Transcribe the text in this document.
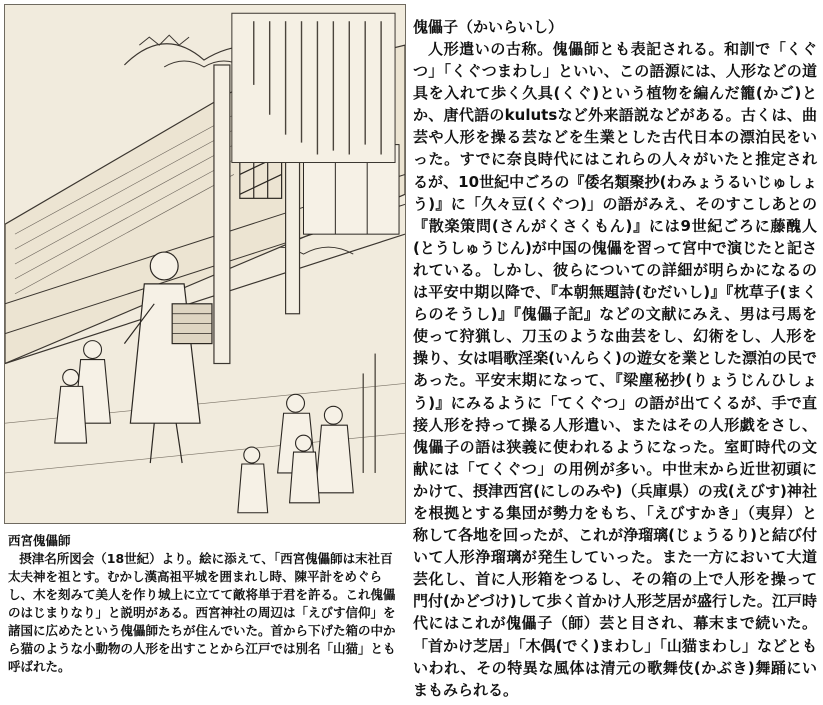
西宮傀儡師

摂津名所図会（18世紀）より。絵に添えて、「西宮傀儡師は末社百太夫神を祖とす。むかし漢高祖平城を囲まれし時、陳平計をめぐらし、木を刻みて美人を作り城上に立てて敵将単于君を許る。これ傀儡のはじまりなり」と説明がある。西宮神社の周辺は「えびす信仰」を諸国に広めたという傀儡師たちが住んでいた。首から下げた箱の中から猫のような小動物の人形を出すことから江戸では別名「山猫」とも呼ばれた。

傀儡子（かいらいし）

人形遣いの古称。傀儡師とも表記される。和訓で「くぐつ」「くぐつまわし」といい、この語源には、人形などの道具を入れて歩く久具(くぐ)という植物を編んだ籠(かご)とか、唐代語のkulutsなど外来語説などがある。古くは、曲芸や人形を操る芸などを生業とした古代日本の漂泊民をいった。すでに奈良時代にはこれらの人々がいたと推定されるが、10世紀中ごろの『倭名類聚抄(わみょうるいじゅしょう)』に「久々豆(くぐつ)」の語がみえ、そのすこしあとの『散楽策問(さんがくさくもん)』には9世紀ごろに藤醜人(とうしゅうじん)が中国の傀儡を習って宮中で演じたと記されている。しかし、彼らについての詳細が明らかになるのは平安中期以降で、『本朝無題詩(むだいし)』『枕草子(まくらのそうし)』『傀儡子記』などの文献にみえ、男は弓馬を使って狩猟し、刀玉のような曲芸をし、幻術をし、人形を操り、女は唱歌淫楽(いんらく)の遊女を業とした漂泊の民であった。平安末期になって、『梁塵秘抄(りょうじんひしょう)』にみるように「てくぐつ」の語が出てくるが、手で直接人形を持って操る人形遣い、またはその人形戯をさし、傀儡子の語は狭義に使われるようになった。室町時代の文献には「てくぐつ」の用例が多い。中世末から近世初頭にかけて、摂津西宮(にしのみや)（兵庫県）の戎(えびす)神社を根拠とする集団が勢力をもち、「えびすかき」（夷舁）と称して各地を回ったが、これが浄瑠璃(じょうるり)と結び付いて人形浄瑠璃が発生していった。また一方において大道芸化し、首に人形箱をつるし、その箱の上で人形を操って門付(かどづけ)して歩く首かけ人形芝居が盛行した。江戸時代にはこれが傀儡子（師）芸と目され、幕末まで続いた。「首かけ芝居」「木偶(でく)まわし」「山猫まわし」などともいわれ、その特異な風体は清元の歌舞伎(かぶき)舞踊にいまもみられる。
